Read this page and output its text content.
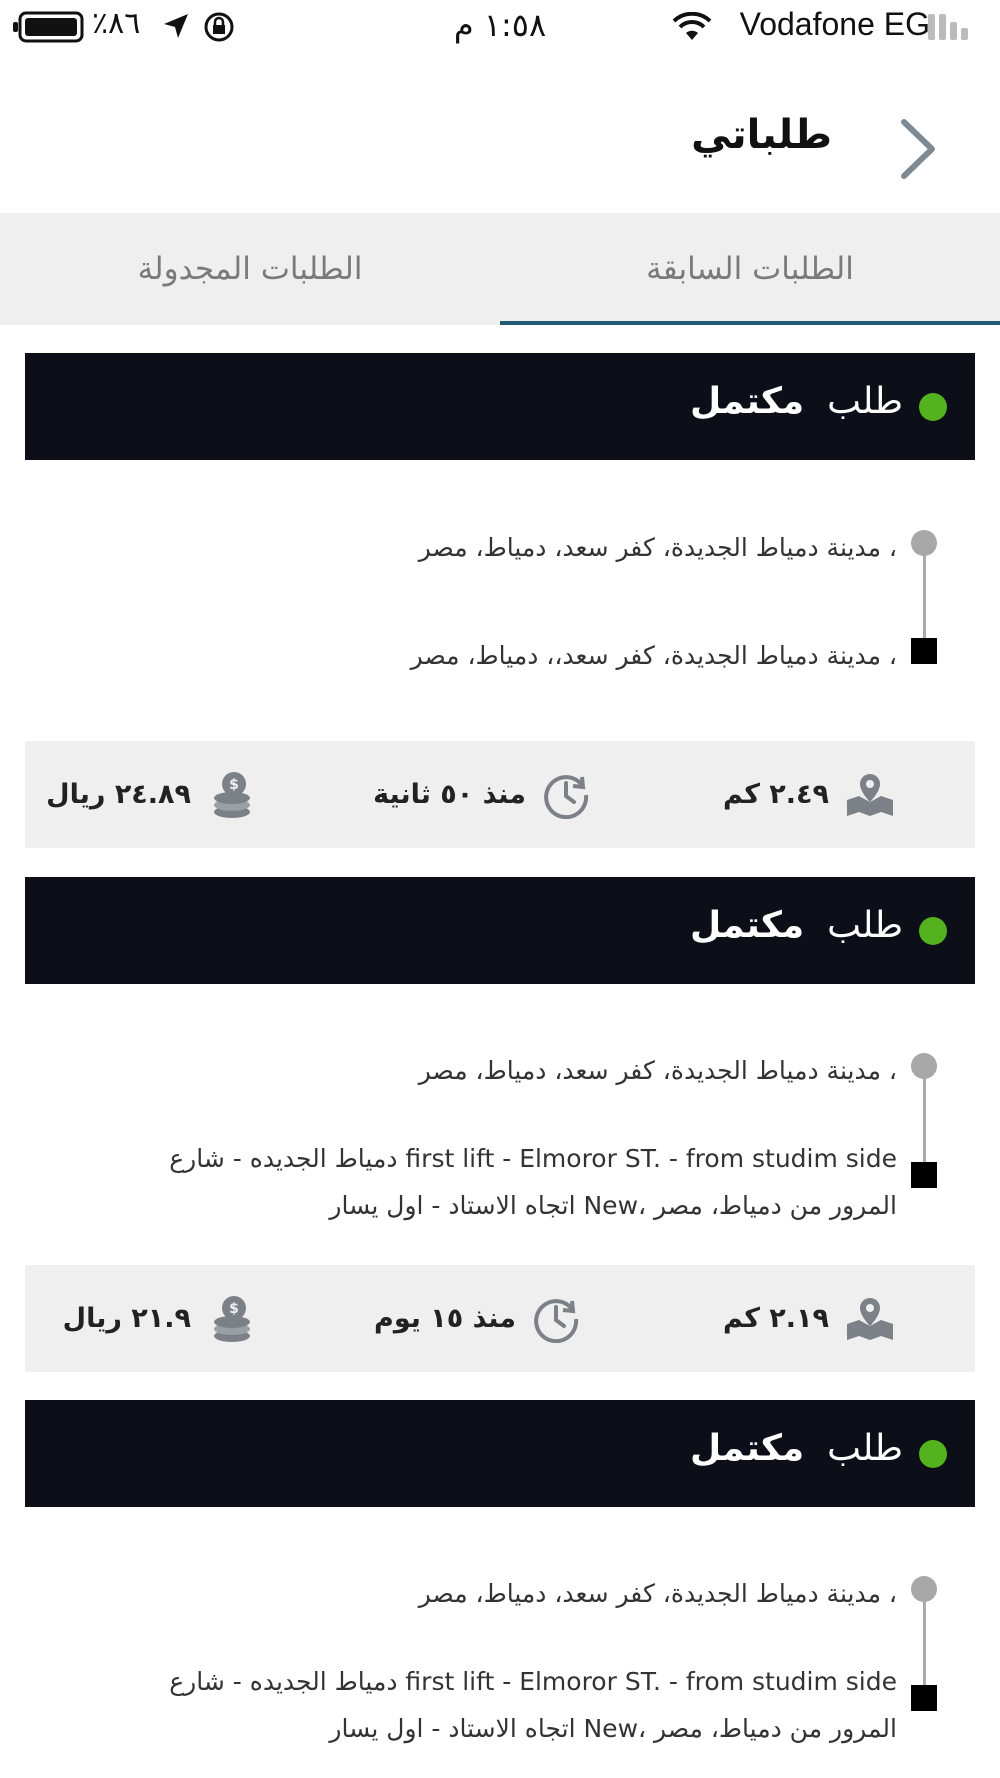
Vodafone EG
١:٥٨ م
٪٨٦
طلباتي
الطلبات السابقة
الطلبات المجدولة
طلب  مكتمل
، مدينة دمياط الجديدة، كفر سعد، دمياط، مصر
، مدينة دمياط الجديدة، كفر سعد،، دمياط، مصر
٢.٤٩ كم
منذ ٥٠ ثانية
$
٢٤.٨٩ ريال
طلب  مكتمل
، مدينة دمياط الجديدة، كفر سعد، دمياط، مصر
first lift - Elmoror ST. - from studim side دمياط الجديده - شارع المرور من دمياط، مصر ،New اتجاه الاستاد - اول يسار
٢.١٩ كم
منذ ١٥ يوم
$
٢١.٩ ريال
طلب  مكتمل
، مدينة دمياط الجديدة، كفر سعد، دمياط، مصر
first lift - Elmoror ST. - from studim side دمياط الجديده - شارع المرور من دمياط، مصر ،New اتجاه الاستاد - اول يسار
